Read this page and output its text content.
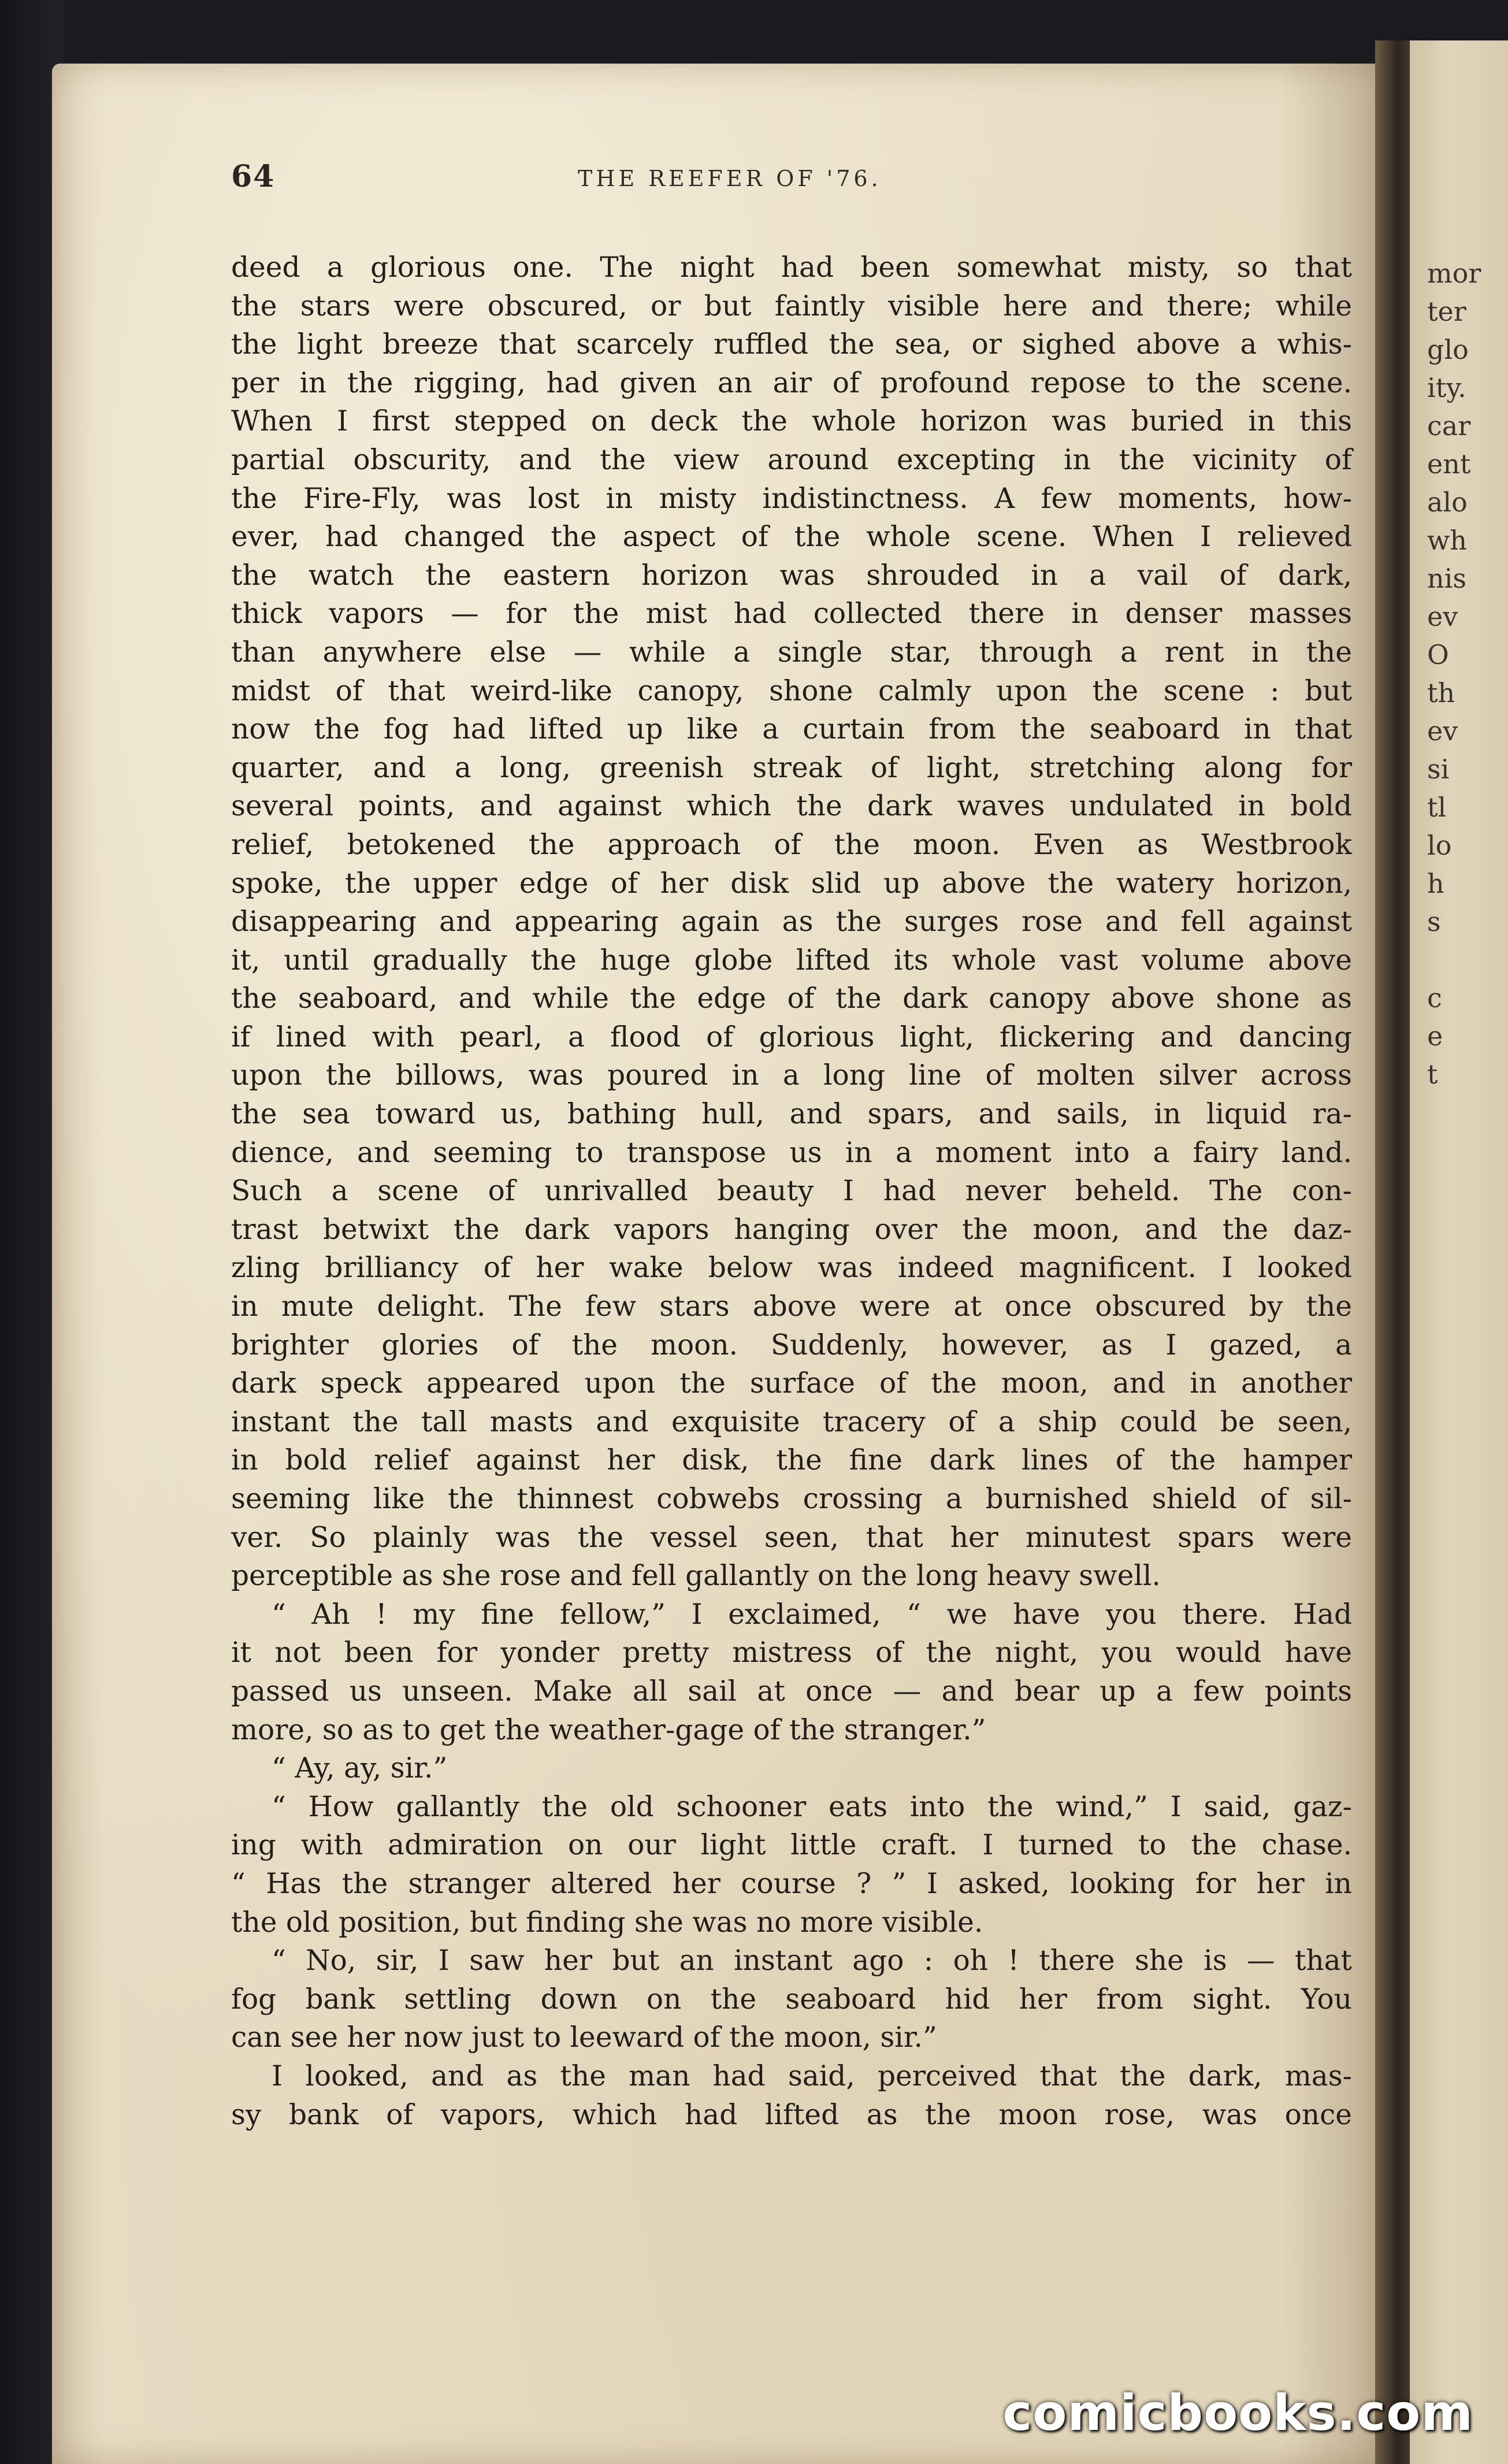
mor
ter
glo
ity.
car
ent
alo
wh
nis
ev
O
th
ev
si
tl
lo
h
s
c
e
t
64	THE REEFER OF '76.
deed a glorious one. The night had been somewhat misty, so that
the stars were obscured, or but faintly visible here and there; while
the light breeze that scarcely ruffled the sea, or sighed above a whis-
per in the rigging, had given an air of profound repose to the scene.
When I first stepped on deck the whole horizon was buried in this
partial obscurity, and the view around excepting in the vicinity of
the Fire-Fly, was lost in misty indistinctness. A few moments, how-
ever, had changed the aspect of the whole scene. When I relieved
the watch the eastern horizon was shrouded in a vail of dark,
thick vapors — for the mist had collected there in denser masses
than anywhere else — while a single star, through a rent in the
midst of that weird-like canopy, shone calmly upon the scene : but
now the fog had lifted up like a curtain from the seaboard in that
quarter, and a long, greenish streak of light, stretching along for
several points, and against which the dark waves undulated in bold
relief, betokened the approach of the moon. Even as Westbrook
spoke, the upper edge of her disk slid up above the watery horizon,
disappearing and appearing again as the surges rose and fell against
it, until gradually the huge globe lifted its whole vast volume above
the seaboard, and while the edge of the dark canopy above shone as
if lined with pearl, a flood of glorious light, flickering and dancing
upon the billows, was poured in a long line of molten silver across
the sea toward us, bathing hull, and spars, and sails, in liquid ra-
dience, and seeming to transpose us in a moment into a fairy land.
Such a scene of unrivalled beauty I had never beheld. The con-
trast betwixt the dark vapors hanging over the moon, and the daz-
zling brilliancy of her wake below was indeed magnificent. I looked
in mute delight. The few stars above were at once obscured by the
brighter glories of the moon. Suddenly, however, as I gazed, a
dark speck appeared upon the surface of the moon, and in another
instant the tall masts and exquisite tracery of a ship could be seen,
in bold relief against her disk, the fine dark lines of the hamper
seeming like the thinnest cobwebs crossing a burnished shield of sil-
ver. So plainly was the vessel seen, that her minutest spars were
perceptible as she rose and fell gallantly on the long heavy swell.
“ Ah ! my fine fellow,” I exclaimed, “ we have you there. Had
it not been for yonder pretty mistress of the night, you would have
passed us unseen. Make all sail at once — and bear up a few points
more, so as to get the weather-gage of the stranger.”
“ Ay, ay, sir.”
“ How gallantly the old schooner eats into the wind,” I said, gaz-
ing with admiration on our light little craft. I turned to the chase.
“ Has the stranger altered her course ? ” I asked, looking for her in
the old position, but finding she was no more visible.
“ No, sir, I saw her but an instant ago : oh ! there she is — that
fog bank settling down on the seaboard hid her from sight. You
can see her now just to leeward of the moon, sir.”
I looked, and as the man had said, perceived that the dark, mas-
sy bank of vapors, which had lifted as the moon rose, was once
comicbooks.com
